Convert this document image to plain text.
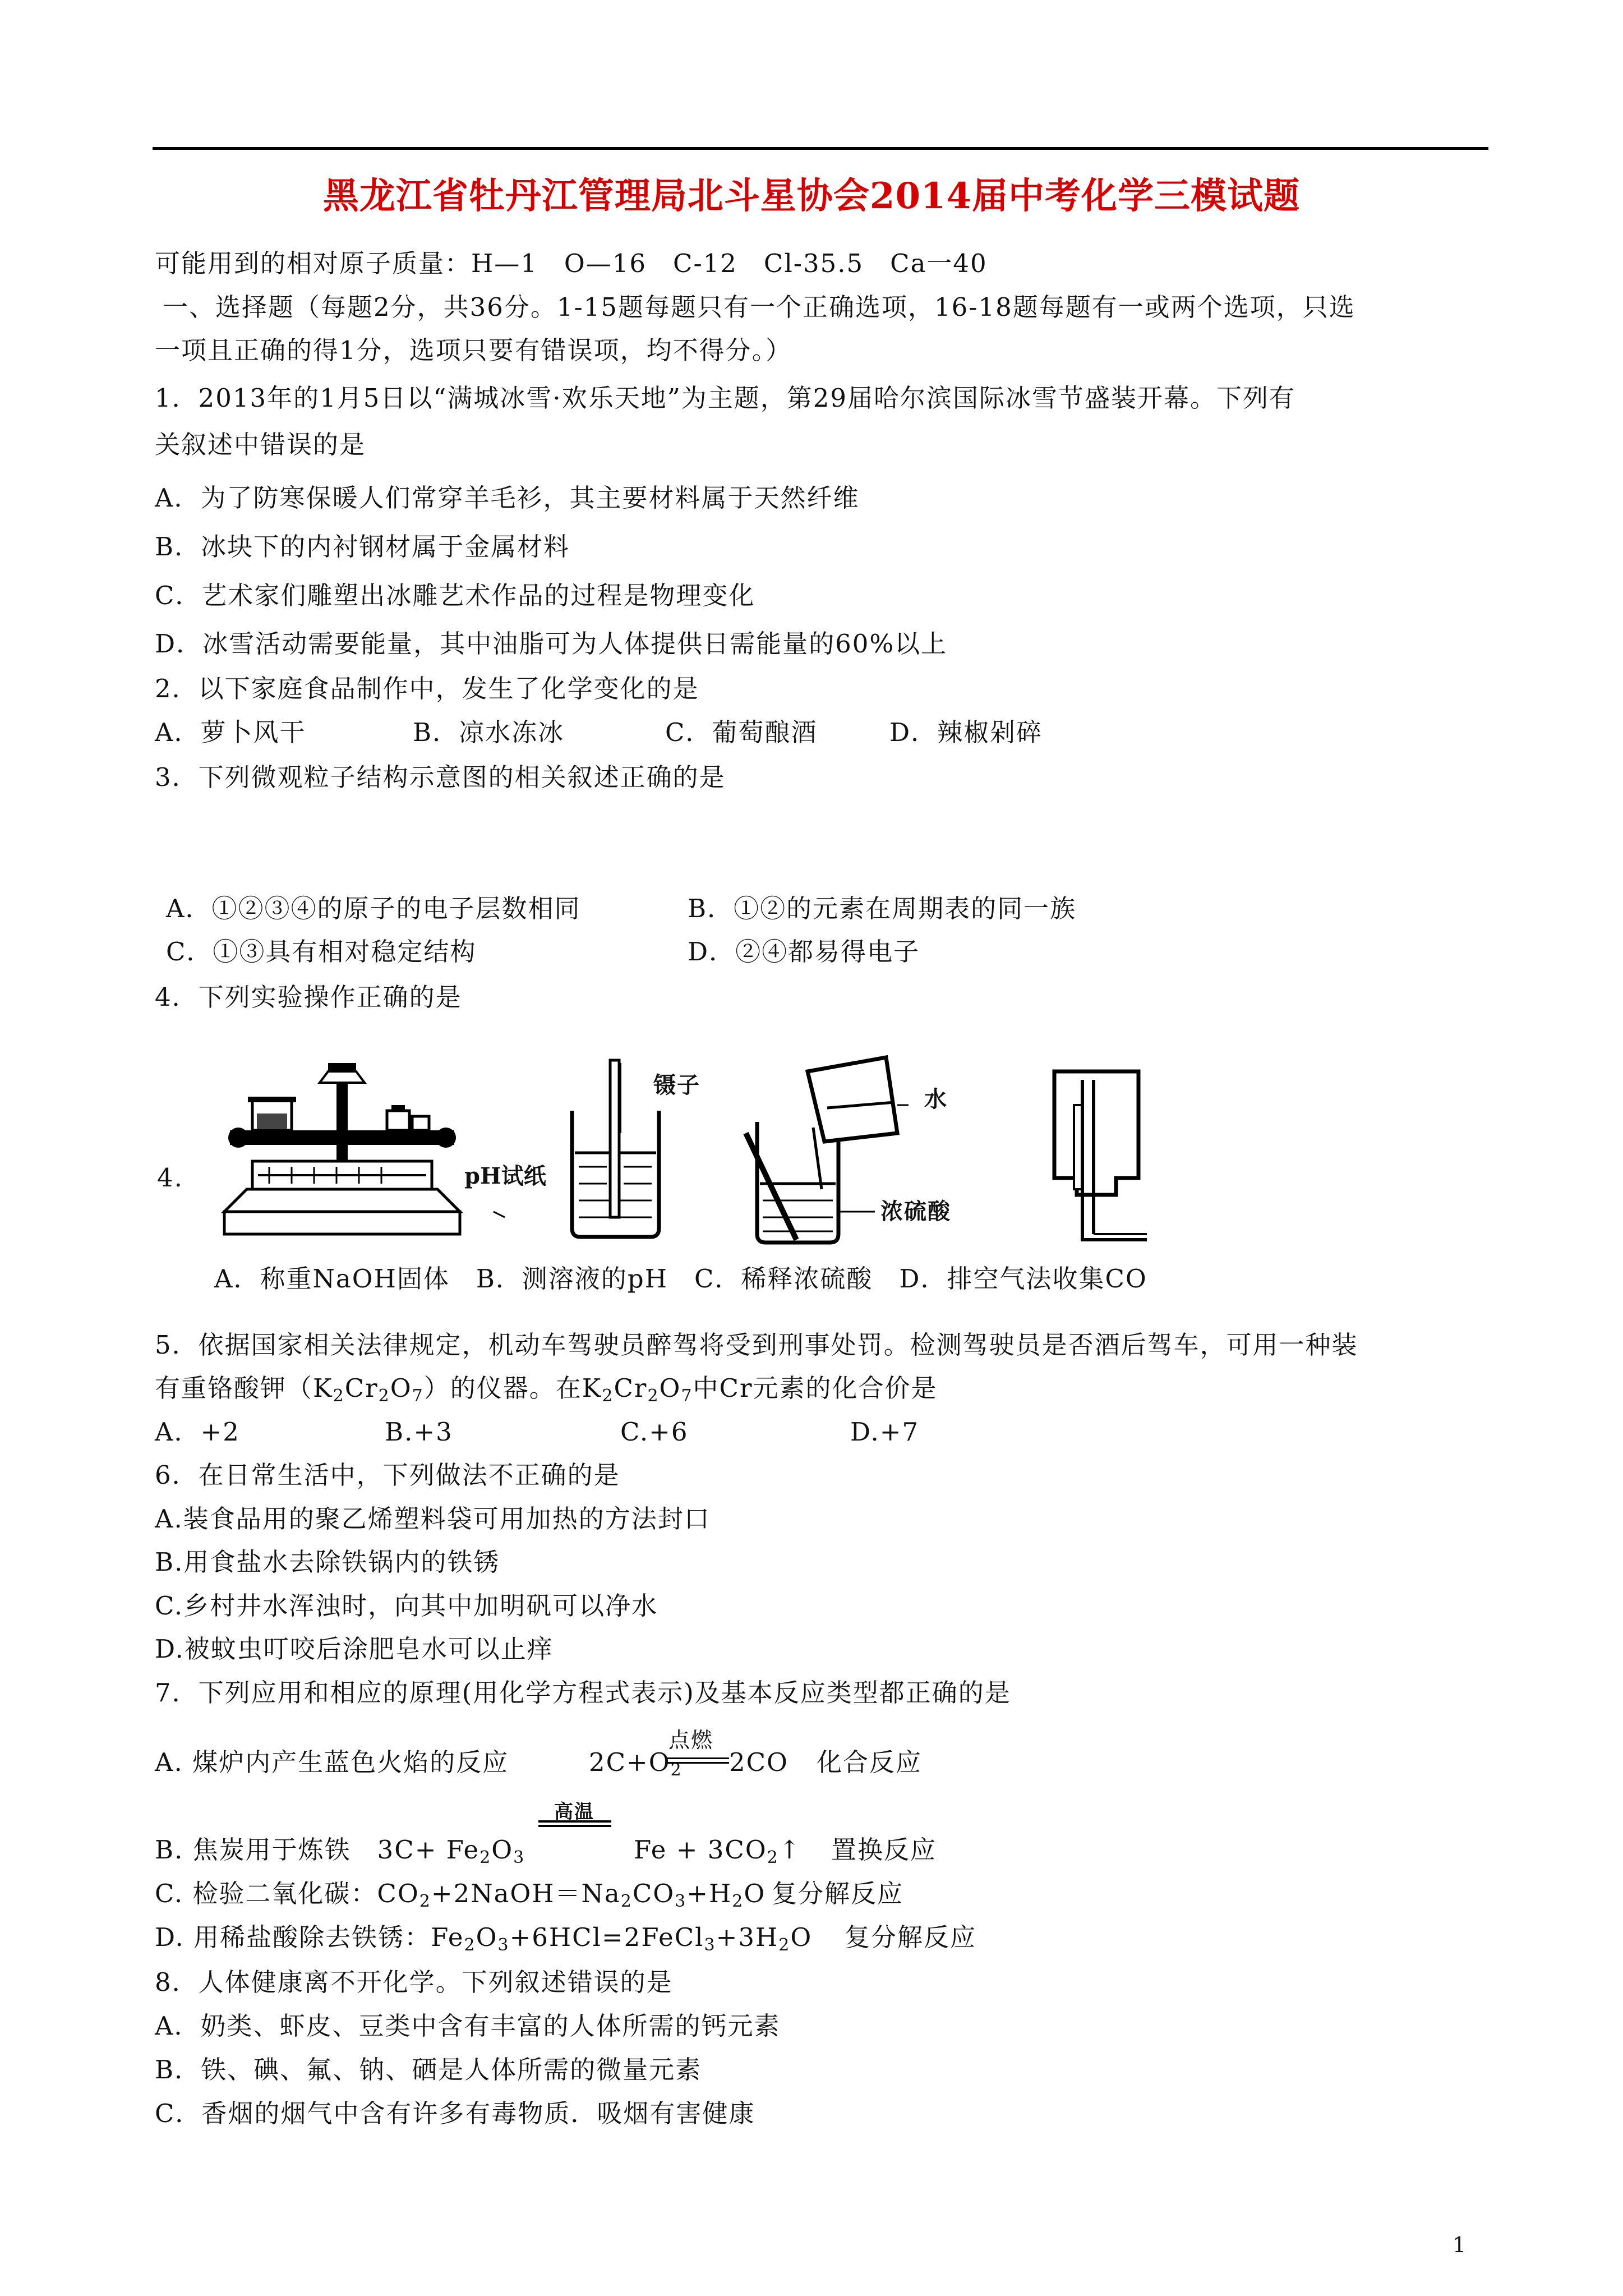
黑龙江省牡丹江管理局北斗星协会2014届中考化学三模试题
可能用到的相对原子质量：H—1　O—16　C-12　Cl-35.5　Ca一40
一、选择题（每题2分，共36分。1-15题每题只有一个正确选项，16-18题每题有一或两个选项，只选
一项且正确的得1分，选项只要有错误项，均不得分。）
1．2013年的1月5日以“满城冰雪·欢乐天地”为主题，第29届哈尔滨国际冰雪节盛装开幕。下列有
关叙述中错误的是
A．为了防寒保暖人们常穿羊毛衫，其主要材料属于天然纤维
B．冰块下的内衬钢材属于金属材料
C．艺术家们雕塑出冰雕艺术作品的过程是物理变化
D．冰雪活动需要能量，其中油脂可为人体提供日需能量的60%以上
2．以下家庭食品制作中，发生了化学变化的是
A．萝卜风干	B．凉水冻冰	C．葡萄酿酒	D．辣椒剁碎
3．下列微观粒子结构示意图的相关叙述正确的是
A．①②③④的原子的电子层数相同	B．①②的元素在周期表的同一族
C．①③具有相对稳定结构	D．②④都易得电子
4．下列实验操作正确的是
4.
镊子
pH试纸
水
浓硫酸
A．称重NaOH固体　B．测溶液的pH　C．稀释浓硫酸　D．排空气法收集CO
5．依据国家相关法律规定，机动车驾驶员醉驾将受到刑事处罚。检测驾驶员是否酒后驾车，可用一种装
有重铬酸钾$(K_2Cr_2O_7)$的仪器。在$K_2Cr_2O_7$中Cr元素的化合价是
A．+2	B.+3	C.+6	D.+7
6．在日常生活中，下列做法不正确的是
A.装食品用的聚乙烯塑料袋可用加热的方法封口
B.用食盐水去除铁锅内的铁锈
C.乡村井水浑浊时，向其中加明矾可以净水
D.被蚊虫叮咬后涂肥皂水可以止痒
7．下列应用和相应的原理(用化学方程式表示)及基本反应类型都正确的是
A. 煤炉内产生蓝色火焰的反应	$2C+O_2$
点燃
2CO 化合反应
B. 焦炭用于炼铁　$3C+ Fe_2O_3$
高温
$Fe + 3CO_2↑$ 置换反应
C. 检验二氧化碳：$CO_2+2NaOH=Na_2CO_3+H_2O$ 复分解反应
D. 用稀盐酸除去铁锈：$Fe_2O_3+6HCl=2FeCl_3+3H_2O$ 复分解反应
8．人体健康离不开化学。下列叙述错误的是
A．奶类、虾皮、豆类中含有丰富的人体所需的钙元素
B．铁、碘、氟、钠、硒是人体所需的微量元素
C．香烟的烟气中含有许多有毒物质．吸烟有害健康
1
